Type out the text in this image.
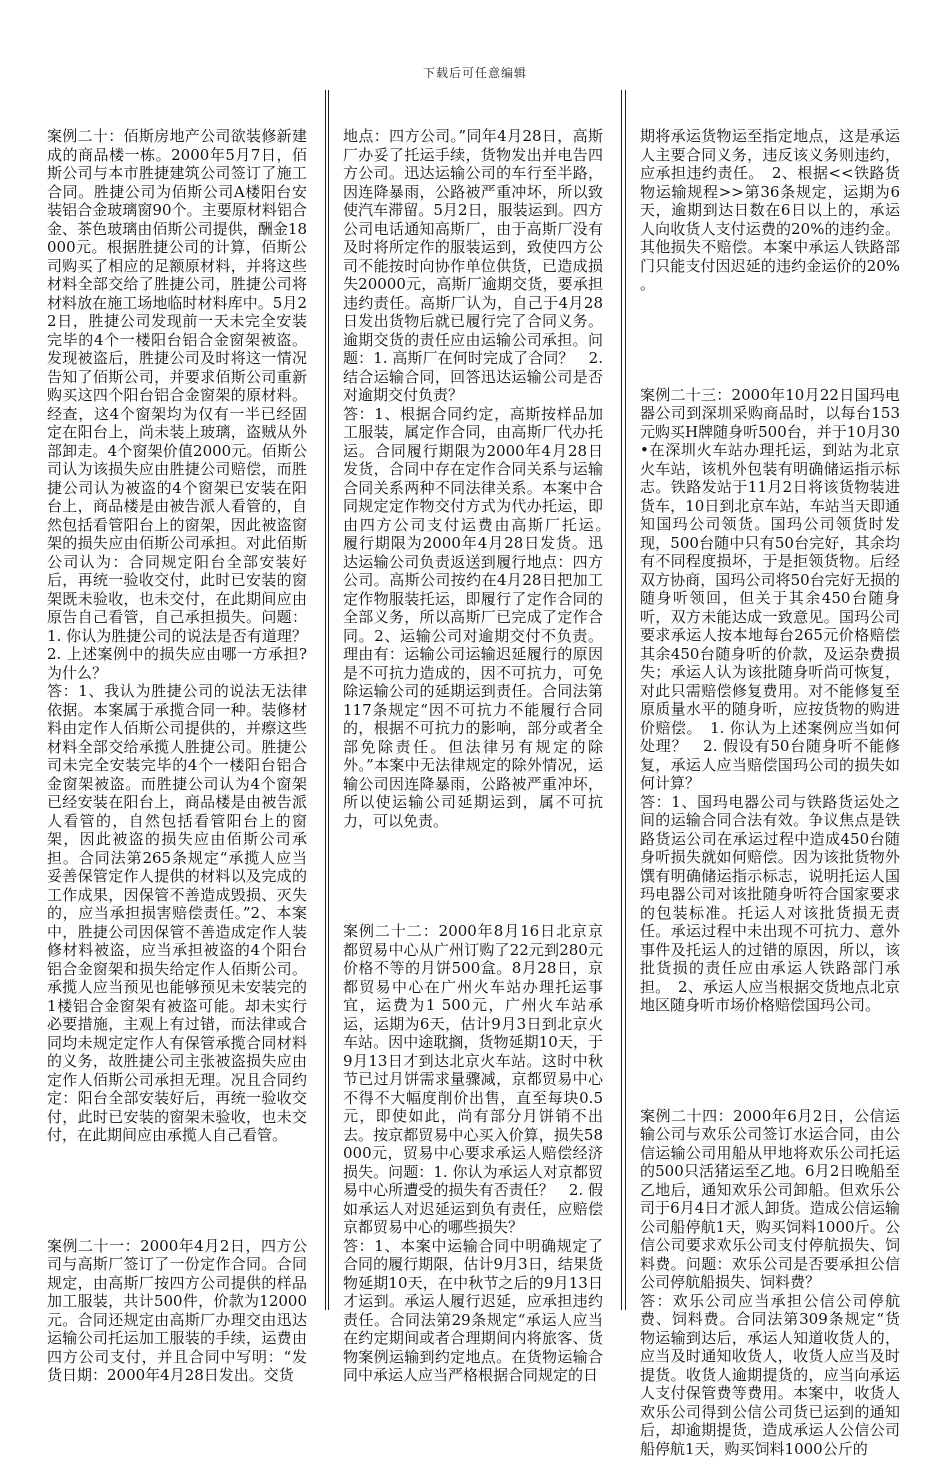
下载后可任意编辑

案例二十：佰斯房地产公司欲装修新建成的商品楼一栋。2000年5月7日，佰斯公司与本市胜捷建筑公司签订了施工合同。胜捷公司为佰斯公司A楼阳台安装铝合金玻璃窗90个。主要原材料铝合金、茶色玻璃由佰斯公司提供，酬金18000元。根据胜捷公司的计算，佰斯公司购买了相应的足额原材料，并将这些材料全部交给了胜捷公司，胜捷公司将材料放在施工场地临时材料库中。5月22日，胜捷公司发现前一天未完全安装完毕的4个一楼阳台铝合金窗架被盗。发现被盗后，胜捷公司及时将这一情况告知了佰斯公司，并要求佰斯公司重新购买这四个阳台铝合金窗架的原材料。经查，这4个窗架均为仅有一半已经固定在阳台上，尚未装上玻璃，盗贼从外部卸走。4个窗架价值2000元。佰斯公司认为该损失应由胜捷公司赔偿，而胜捷公司认为被盗的4个窗架已安装在阳台上，商品楼是由被告派人看管的，自然包括看管阳台上的窗架，因此被盗窗架的损失应由佰斯公司承担。对此佰斯公司认为：合同规定阳台全部安装好后，再统一验收交付，此时已安装的窗架既未验收，也未交付，在此期间应由原告自己看管，自己承担损失。问题：1. 你认为胜捷公司的说法是否有道理？　2. 上述案例中的损失应由哪一方承担?为什么？
答：1、我认为胜捷公司的说法无法律依据。本案属于承揽合同一种。装修材料由定作人佰斯公司提供的，并瘵这些材料全部交给承揽人胜捷公司。胜捷公司未完全安装完毕的4个一楼阳台铝合金窗架被盗。而胜捷公司认为4个窗架已经安装在阳台上，商品楼是由被告派人看管的，自然包括看管阳台上的窗架，因此被盗的损失应由佰斯公司承担。合同法第265条规定“承揽人应当妥善保管定作人提供的材料以及完成的工作成果，因保管不善造成毁损、灭失的，应当承担损害赔偿责任。”2、本案中，胜捷公司因保管不善造成定作人装修材料被盗，应当承担被盗的4个阳台铝合金窗架和损失给定作人佰斯公司。承揽人应当预见也能够预见未安装完的1楼铝合金窗架有被盗可能。却未实行必要措施，主观上有过错，而法律或合同均未规定定作人有保管承揽合同材料的义务，故胜捷公司主张被盗损失应由定作人佰斯公司承担无理。况且合同约定：阳台全部安装好后，再统一验收交付，此时已安装的窗架未验收，也未交付，在此期间应由承揽人自己看管。

案例二十一：2000年4月2日，四方公司与高斯厂签订了一份定作合同。合同规定，由高斯厂按四方公司提供的样品加工服装，共计500件，价款为12000元。合同还规定由高斯厂办理交由迅达运输公司托运加工服装的手续，运费由四方公司支付，并且合同中写明：“发货日期：2000年4月28日发出。交货

地点：四方公司。”同年4月28日，高斯厂办妥了托运手续，货物发出并电告四方公司。迅达运输公司的车行至半路，因连降暴雨，公路被严重冲坏，所以致使汽车滞留。5月2日，服装运到。四方公司电话通知高斯厂，由于高斯厂没有及时将所定作的服装运到，致使四方公司不能按时向协作单位供货，已造成损失20000元，高斯厂逾期交货，要承担违约责任。高斯厂认为，自己于4月28日发出货物后就已履行完了合同义务。逾期交货的责任应由运输公司承担。问题：1. 高斯厂在何时完成了合同？　2. 结合运输合同，回答迅达运输公司是否对逾期交付负责？
答：1、根据合同约定，高斯按样品加工服装，属定作合同，由高斯厂代办托运。合同履行期限为2000年4月28日发货，合同中存在定作合同关系与运输合同关系两种不同法律关系。本案中合同规定定作物交付方式为代办托运，即由四方公司支付运费由高斯厂托运。　履行期限为2000年4月28日发货。迅达运输公司负责返送到履行地点：四方公司。高斯公司按约在4月28日把加工定作物服装托运，即履行了定作合同的全部义务，所以高斯厂已完成了定作合同。2、运输公司对逾期交付不负责。理由有：运输公司运输迟延履行的原因是不可抗力造成的，因不可抗力，可免除运输公司的延期运到责任。合同法第117条规定“因不可抗力不能履行合同的，根据不可抗力的影响，部分或者全部免除责任。但法律另有规定的除外。”本案中无法律规定的除外情况，运输公司因连降暴雨，公路被严重冲坏，所以使运输公司延期运到，属不可抗力，可以免责。

案例二十二：2000年8月16日北京京都贸易中心从广州订购了22元到280元价格不等的月饼500盒。8月28日，京都贸易中心在广州火车站办理托运事宜，运费为1 500元，广州火车站承运，运期为6天，估计9月3日到北京火车站。因中途耽搁，货物延期10天，于9月13日才到达北京火车站。这时中秋节已过月饼需求量骤减，京都贸易中心不得不大幅度削价出售，直至每块0.5元，即使如此，尚有部分月饼销不出去。按京都贸易中心买入价算，损失58 000元，贸易中心要求承运人赔偿经济损失。问题：1. 你认为承运人对京都贸易中心所遭受的损失有否责任？　2. 假如承运人对迟延运到负有责任，应赔偿京都贸易中心的哪些损失？
答：1、本案中运输合同中明确规定了合同的履行期限，估计9月3日，结果货物延期10天，在中秋节之后的9月13日才运到。承运人履行迟延，应承担违约责任。合同法第29条规定“承运人应当在约定期间或者合理期间内将旅客、货物案例运输到约定地点。在货物运输合同中承运人应当严格根据合同规定的日

期将承运货物运至指定地点，这是承运人主要合同义务，违反该义务则违约，应承担违约责任。　2、根据<<铁路货物运输规程>>第36条规定，运期为6天，逾期到达日数在6日以上的，承运人向收货人支付运费的20%的违约金。其他损失不赔偿。本案中承运人铁路部门只能支付因迟延的违约金运价的20%　。

案例二十三：2000年10月22日国玛电器公司到深圳采购商品时，以每台153元购买H牌随身听500台，并于10月30•在深圳火车站办理托运，到站为北京火车站，该机外包装有明确储运指示标志。铁路发站于11月2日将该货物装进货车，10日到北京车站，车站当天即通知国玛公司领货。国玛公司领货时发现，500台随中只有50台完好，其余均有不同程度损坏，于是拒领货物。后经双方协商，国玛公司将50台完好无损的随身听领回，但关于其余450台随身听，双方未能达成一致意见。国玛公司要求承运人按本地每台265元价格赔偿其余450台随身听的价款，及运杂费损失；承运人认为该批随身听尚可恢复，对此只需赔偿修复费用。对不能修复至原质量水平的随身听，应按货物的购进价赔偿。　1. 你认为上述案例应当如何处理？　2. 假设有50台随身听不能修复，承运人应当赔偿国玛公司的损失如何计算？
答：1、国玛电器公司与铁路货运处之间的运输合同合法有效。争议焦点是铁路货运公司在承运过程中造成450台随身听损失就如何赔偿。因为该批货物外馔有明确储运指示标志，说明托运人国玛电器公司对该批随身听符合国家要求的包装标准。托运人对该批货损无责任。承运过程中未出现不可抗力、意外事件及托运人的过错的原因，所以，该批货损的责任应由承运人铁路部门承担。　2、承运人应当根据交货地点北京地区随身听市场价格赔偿国玛公司。

案例二十四：2000年6月2日，公信运输公司与欢乐公司签订水运合同，由公信运输公司用船从甲地将欢乐公司托运的500只活猪运至乙地。6月2日晚船至乙地后，通知欢乐公司卸船。但欢乐公司于6月4日才派人卸货。造成公信运输公司船停航1天，购买饲料1000斤。公信公司要求欢乐公司支付停航损失、饲料费。问题：欢乐公司是否要承担公信公司停航船损失、饲料费？
答：欢乐公司应当承担公信公司停航费、饲料费。合同法第309条规定“货物运输到达后，承运人知道收货人的，应当及时通知收货人，收货人应当及时提货。收货人逾期提货的，应当向承运人支付保管费等费用。本案中，收货人欢乐公司得到公信公司货已运到的通知后，却逾期提货，造成承运人公信公司船停航1天，购买饲料1000公斤的
